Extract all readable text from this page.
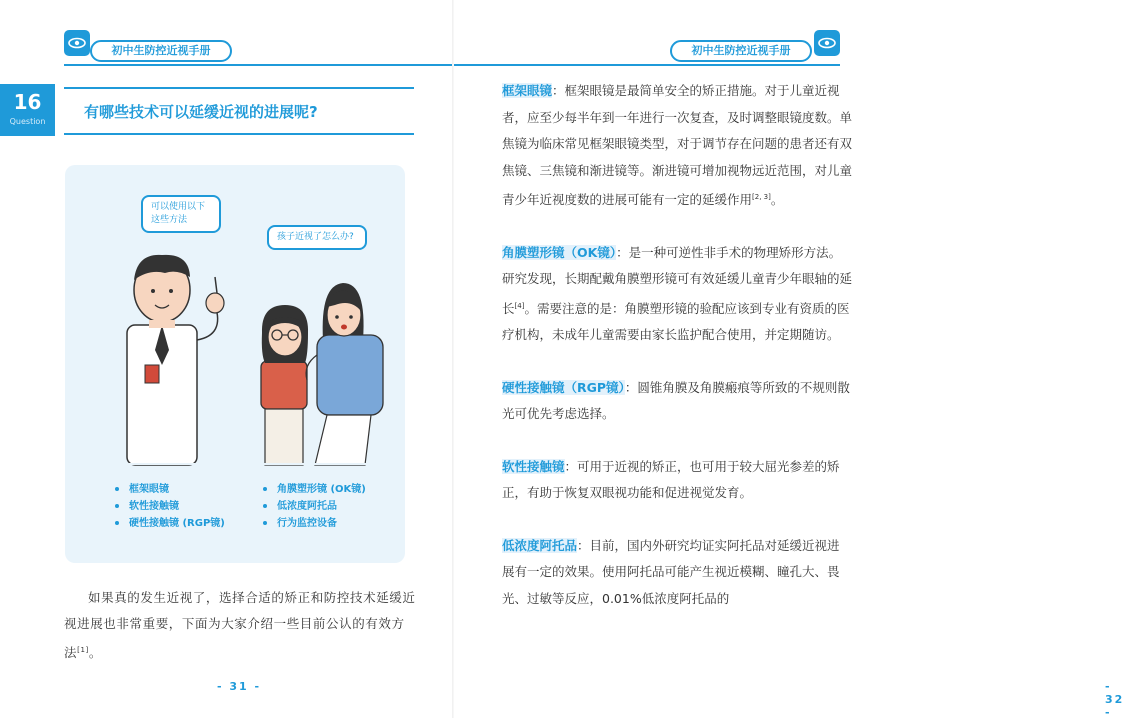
初中生防控近视手册
16
Question
有哪些技术可以延缓近视的进展呢?
可以使用以下这些方法
孩子近视了怎么办?
框架眼镜
软性接触镜
硬性接触镜 (RGP镜)
角膜塑形镜 (OK镜)
低浓度阿托品
行为监控设备
如果真的发生近视了，选择合适的矫正和防控技术延缓近视进展也非常重要，下面为大家介绍一些目前公认的有效方法[1]。
- 31 -
初中生防控近视手册

框架眼镜：框架眼镜是最简单安全的矫正措施。对于儿童近视者，应至少每半年到一年进行一次复查，及时调整眼镜度数。单焦镜为临床常见框架眼镜类型，对于调节存在问题的患者还有双焦镜、三焦镜和渐进镜等。渐进镜可增加视物远近范围，对儿童青少年近视度数的进展可能有一定的延缓作用[2, 3]。

角膜塑形镜（OK镜）：是一种可逆性非手术的物理矫形方法。研究发现，长期配戴角膜塑形镜可有效延缓儿童青少年眼轴的延长[4]。需要注意的是：角膜塑形镜的验配应该到专业有资质的医疗机构，未成年儿童需要由家长监护配合使用，并定期随访。

硬性接触镜（RGP镜）：圆锥角膜及角膜瘢痕等所致的不规则散光可优先考虑选择。

软性接触镜：可用于近视的矫正，也可用于较大屈光参差的矫正，有助于恢复双眼视功能和促进视觉发育。

低浓度阿托品：目前，国内外研究均证实阿托品对延缓近视进展有一定的效果。使用阿托品可能产生视近模糊、瞳孔大、畏光、过敏等反应，0.01%低浓度阿托品的

- 32 -
